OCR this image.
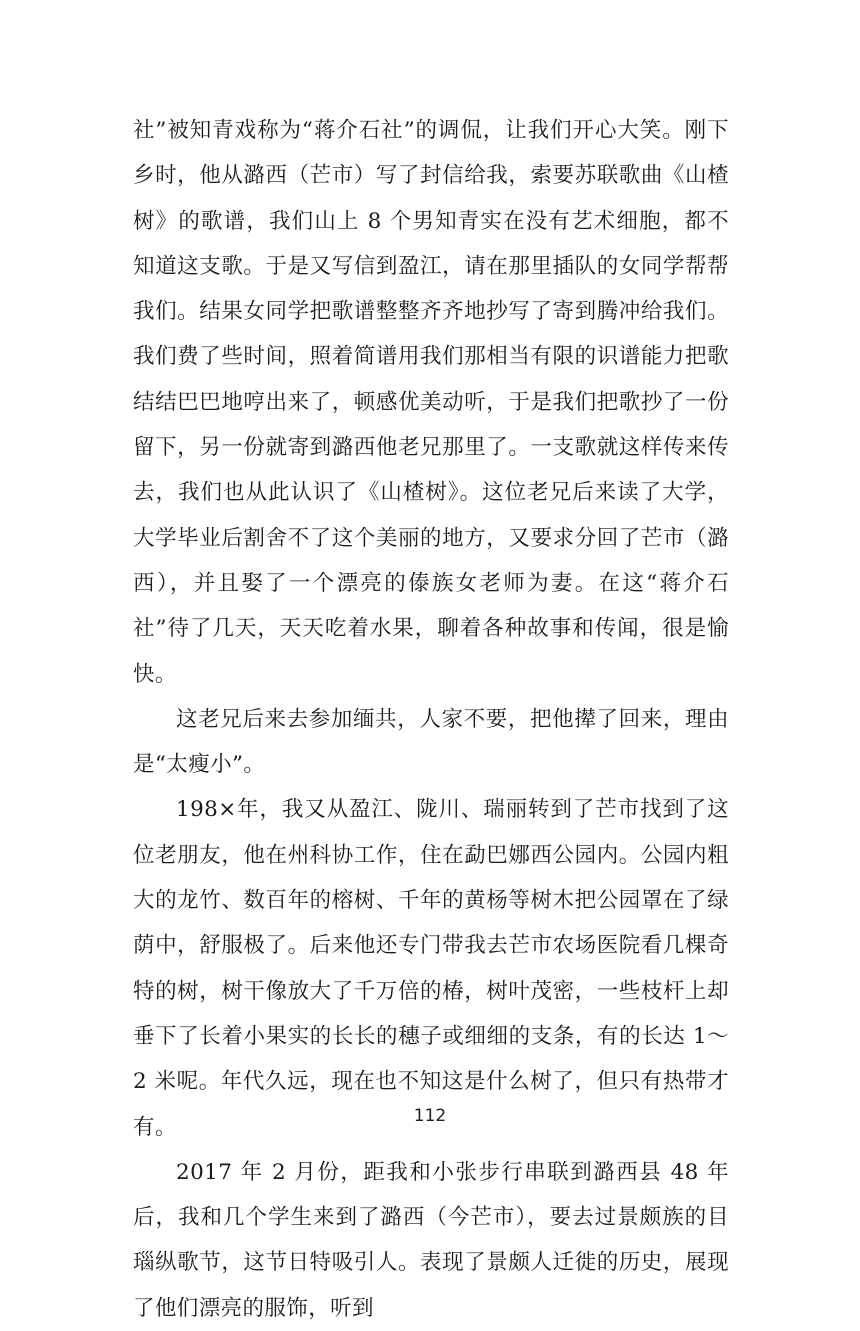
社”被知青戏称为“蒋介石社”的调侃，让我们开心大笑。刚下乡时，他从潞西（芒市）写了封信给我，索要苏联歌曲《山楂树》的歌谱，我们山上 8 个男知青实在没有艺术细胞，都不知道这支歌。于是又写信到盈江，请在那里插队的女同学帮帮我们。结果女同学把歌谱整整齐齐地抄写了寄到腾冲给我们。我们费了些时间，照着简谱用我们那相当有限的识谱能力把歌结结巴巴地哼出来了，顿感优美动听，于是我们把歌抄了一份留下，另一份就寄到潞西他老兄那里了。一支歌就这样传来传去，我们也从此认识了《山楂树》。这位老兄后来读了大学，大学毕业后割舍不了这个美丽的地方，又要求分回了芒市（潞西），并且娶了一个漂亮的傣族女老师为妻。在这“蒋介石社”待了几天，天天吃着水果，聊着各种故事和传闻，很是愉快。

这老兄后来去参加缅共，人家不要，把他撵了回来，理由是“太瘦小”。

198×年，我又从盈江、陇川、瑞丽转到了芒市找到了这位老朋友，他在州科协工作，住在勐巴娜西公园内。公园内粗大的龙竹、数百年的榕树、千年的黄杨等树木把公园罩在了绿荫中，舒服极了。后来他还专门带我去芒市农场医院看几棵奇特的树，树干像放大了千万倍的椿，树叶茂密，一些枝杆上却垂下了长着小果实的长长的穗子或细细的支条，有的长达 1～2 米呢。年代久远，现在也不知这是什么树了，但只有热带才有。

2017 年 2 月份，距我和小张步行串联到潞西县 48 年后，我和几个学生来到了潞西（今芒市），要去过景颇族的目瑙纵歌节，这节日特吸引人。表现了景颇人迁徙的历史，展现了他们漂亮的服饰，听到

112
